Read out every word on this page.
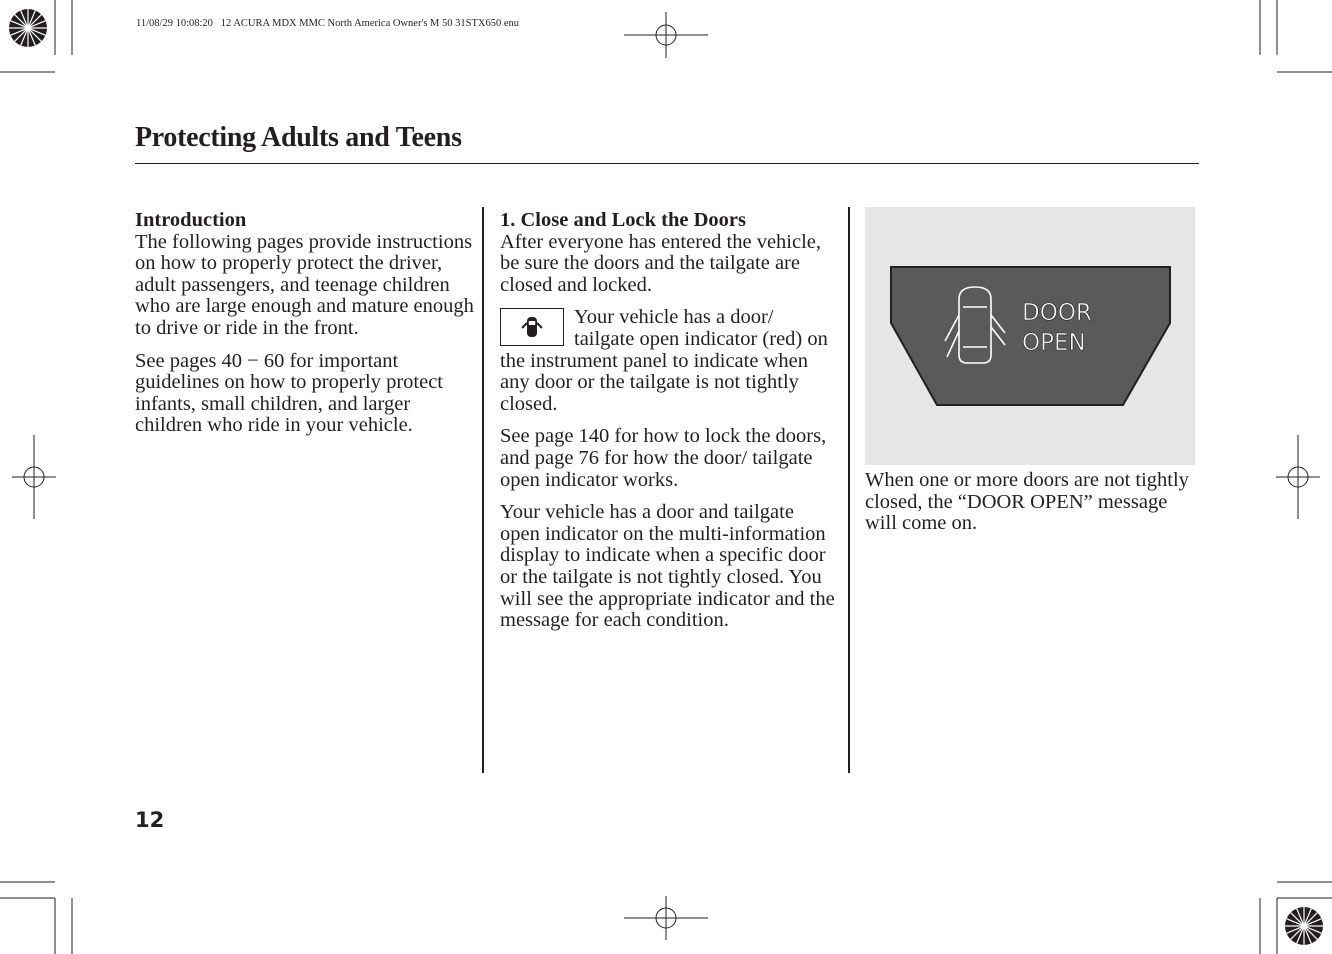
11/08/29 10:08:20   12 ACURA MDX MMC North America Owner's M 50 31STX650 enu
Protecting Adults and Teens
Introduction

The following pages provide instructions on how to properly protect the driver, adult passengers, and teenage children who are large enough and mature enough to drive or ride in the front.

See pages 40 − 60 for important guidelines on how to properly protect infants, small children, and larger children who ride in your vehicle.

1. Close and Lock the Doors

After everyone has entered the vehicle, be sure the doors and the tailgate are closed and locked.

Your vehicle has a door/ tailgate open indicator (red) on the instrument panel to indicate when any door or the tailgate is not tightly closed.

See page 140 for how to lock the doors, and page 76 for how the door/ tailgate open indicator works.

Your vehicle has a door and tailgate open indicator on the multi-information display to indicate when a specific door or the tailgate is not tightly closed. You will see the appropriate indicator and the message for each condition.

DOOR
OPEN

When one or more doors are not tightly closed, the “DOOR OPEN” message will come on.

12
